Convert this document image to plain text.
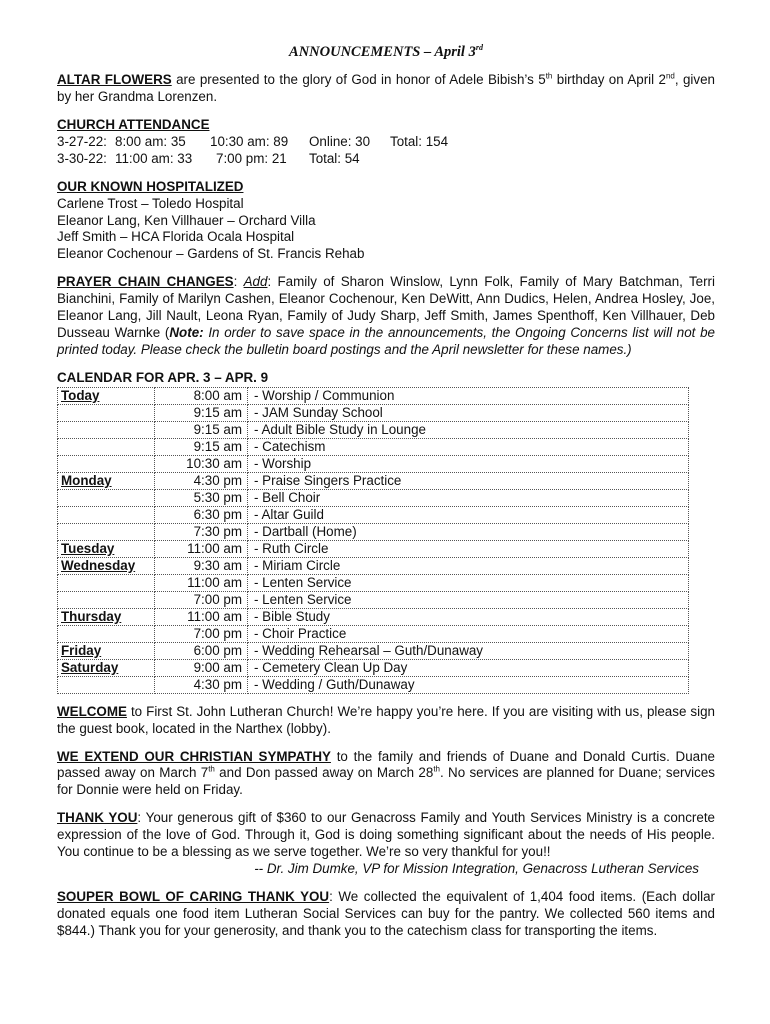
ANNOUNCEMENTS – April 3rd
ALTAR FLOWERS are presented to the glory of God in honor of Adele Bibish’s 5th birthday on April 2nd, given by her Grandma Lorenzen.
CHURCH ATTENDANCE
3-27-22: 8:00 am: 35 10:30 am: 89 Online: 30 Total: 154
3-30-22: 11:00 am: 33 7:00 pm: 21 Total: 54
OUR KNOWN HOSPITALIZED
Carlene Trost – Toledo Hospital
Eleanor Lang, Ken Villhauer – Orchard Villa
Jeff Smith – HCA Florida Ocala Hospital
Eleanor Cochenour – Gardens of St. Francis Rehab
PRAYER CHAIN CHANGES: Add: Family of Sharon Winslow, Lynn Folk, Family of Mary Batchman, Terri Bianchini, Family of Marilyn Cashen, Eleanor Cochenour, Ken DeWitt, Ann Dudics, Helen, Andrea Hosley, Joe, Eleanor Lang, Jill Nault, Leona Ryan, Family of Judy Sharp, Jeff Smith, James Spenthoff, Ken Villhauer, Deb Dusseau Warnke (Note: In order to save space in the announcements, the Ongoing Concerns list will not be printed today. Please check the bulletin board postings and the April newsletter for these names.)
CALENDAR FOR APR. 3 – APR. 9
Today	8:00 am	- Worship / Communion
	9:15 am	- JAM Sunday School
	9:15 am	- Adult Bible Study in Lounge
	9:15 am	- Catechism
	10:30 am	- Worship
Monday	4:30 pm	- Praise Singers Practice
	5:30 pm	- Bell Choir
	6:30 pm	- Altar Guild
	7:30 pm	- Dartball (Home)
Tuesday	11:00 am	- Ruth Circle
Wednesday	9:30 am	- Miriam Circle
	11:00 am	- Lenten Service
	7:00 pm	- Lenten Service
Thursday	11:00 am	- Bible Study
	7:00 pm	- Choir Practice
Friday	6:00 pm	- Wedding Rehearsal – Guth/Dunaway
Saturday	9:00 am	- Cemetery Clean Up Day
	4:30 pm	- Wedding / Guth/Dunaway
WELCOME to First St. John Lutheran Church! We’re happy you’re here. If you are visiting with us, please sign the guest book, located in the Narthex (lobby).
WE EXTEND OUR CHRISTIAN SYMPATHY to the family and friends of Duane and Donald Curtis. Duane passed away on March 7th and Don passed away on March 28th. No services are planned for Duane; services for Donnie were held on Friday.
THANK YOU: Your generous gift of $360 to our Genacross Family and Youth Services Ministry is a concrete expression of the love of God. Through it, God is doing something significant about the needs of His people. You continue to be a blessing as we serve together. We’re so very thankful for you!!
-- Dr. Jim Dumke, VP for Mission Integration, Genacross Lutheran Services
SOUPER BOWL OF CARING THANK YOU: We collected the equivalent of 1,404 food items. (Each dollar donated equals one food item Lutheran Social Services can buy for the pantry. We collected 560 items and $844.) Thank you for your generosity, and thank you to the catechism class for transporting the items.
